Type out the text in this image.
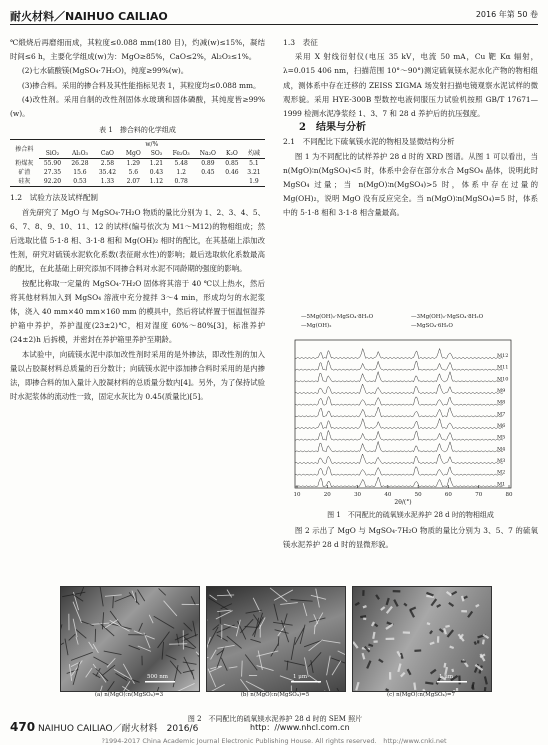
耐火材料／NAIHUO CAILIAO	2016 年第 50 卷

℃煅烧后再磨细而成，其粒度≤0.088 mm(180 目)，灼减(w)≤15%，凝结时间≤6 h，主要化学组成(w)为：MgO≥85%，CaO≤2%，Al₂O₃≤1%。

(2)七水硫酸镁(MgSO₄·7H₂O)，纯度≥99%(w)。

(3)掺合料。采用的掺合料及其性能指标见表 1，其粒度均≤0.088 mm。

(4)改性剂。采用自制的改性剂固体水玻璃和固体磷酸，其纯度皆≥99%(w)。

表 1　掺合料的化学组成
掺合料	w/%								
	SiO₂	Al₂O₃	CaO	MgO	SO₃	Fe₂O₃	Na₂O	K₂O	灼减
粉煤灰	55.90	26.28	2.58	1.29	1.21	5.48	0.89	0.85	5.1
矿渣	27.35	15.6	35.42	5.6	0.43	1.2	0.45	0.46	3.21
硅灰	92.20	0.53	1.33	2.07	1.12	0.78			1.9

1.2　试验方法及试样配制

首先研究了 MgO 与 MgSO₄·7H₂O 物质的量比分别为 1、2、3、4、5、6、7、8、9、10、11、12 的试样(编号依次为 M1～M12)的物相组成；然后选取比值 5·1·8 相、3·1·8 相和 Mg(OH)₂ 相时的配比，在其基础上添加改性剂，研究对硫镁水泥软化系数(表征耐水性)的影响；最后选取软化系数最高的配比，在此基础上研究添加不同掺合料对水泥不同龄期的强度的影响。

按配比称取一定量的 MgSO₄·7H₂O 固体将其溶于 40 ℃以上热水，然后将其他材料加入到 MgSO₄ 溶液中充分搅拌 3～4 min，形成均匀的水泥浆体，浇入 40 mm×40 mm×160 mm 的模具中，然后将试样置于恒温恒湿养护箱中养护，养护温度(23±2)℃，相对湿度 60%～80%[3]，标准养护(24±2)h 后拆模，并密封在养护箱里养护至期龄。

本试验中，向硫镁水泥中添加改性剂时采用的是外掺法，即改性剂的加入量以占胶凝材料总质量的百分数计；向硫镁水泥中添加掺合料时采用的是内掺法，即掺合料的加入量计入胶凝材料的总质量分数内[4]。另外，为了保持试验时水泥浆体的流动性一致，固定水灰比为 0.45(质量比)[5]。

1.3　表征

采用 X 射线衍射仪(电压 35 kV，电流 50 mA，Cu 靶 Kα 辐射，λ=0.015 406 nm，扫描范围 10°～90°)测定硫氧镁水泥水化产物的物相组成，测体系中存在迁移的 ZEISS ΣIGMA 场发射扫描电镜观察水泥试样的微观形貌。采用 HYE-300B 型数控电液伺服压力试验机按照 GB/T 17671—1999 检测水泥净浆经 1、3、7 和 28 d 养护后的抗压强度。

2　结果与分析

2.1　不同配比下硫氧镁水泥的物相及显微结构分析

图 1 为不同配比的试样养护 28 d 时的 XRD 图谱。从图 1 可以看出，当 n(MgO)∶n(MgSO₄)<5 时，体系中会存在部分水合 MgSO₄ 晶体，说明此时 MgSO₄ 过量；当 n(MgO)∶n(MgSO₄)>5 时，体系中存在过量的 Mg(OH)₂，说明 MgO 没有反应完全。当 n(MgO)∶n(MgSO₄)=5 时，体系中的 5·1·8 相和 3·1·8 相含量最高。

—5Mg(OH)₂·MgSO₄·8H₂O	—3Mg(OH)₂·MgSO₄·8H₂O
—Mg(OH)₂	—MgSO₄·6H₂O
M12
M11
M10
M9
M8
M7
M6
M5
M4
M3
M2
M1
10	20	30	40	50	60	70	80
2θ/(°)
图 1　不同配比的硫氧镁水泥养护 28 d 时的物相组成

图 2 示出了 MgO 与 MgSO₄·7H₂O 物质的量比分别为 3、5、7 的硫氧镁水泥养护 28 d 时的显微形貌。

500 nm	1 μm	1 μm
(a) n(MgO):n(MgSO₄)=3	(b) n(MgO):n(MgSO₄)=5	(c) n(MgO):n(MgSO₄)=7
图 2　不同配比的硫氧镁水泥养护 28 d 时的 SEM 照片
470 NAIHUO CAILIAO／耐火材料　2016/6	http：//www.nhcl.com.cn
?1994-2017 China Academic Journal Electronic Publishing House. All rights reserved.　http://www.cnki.net
